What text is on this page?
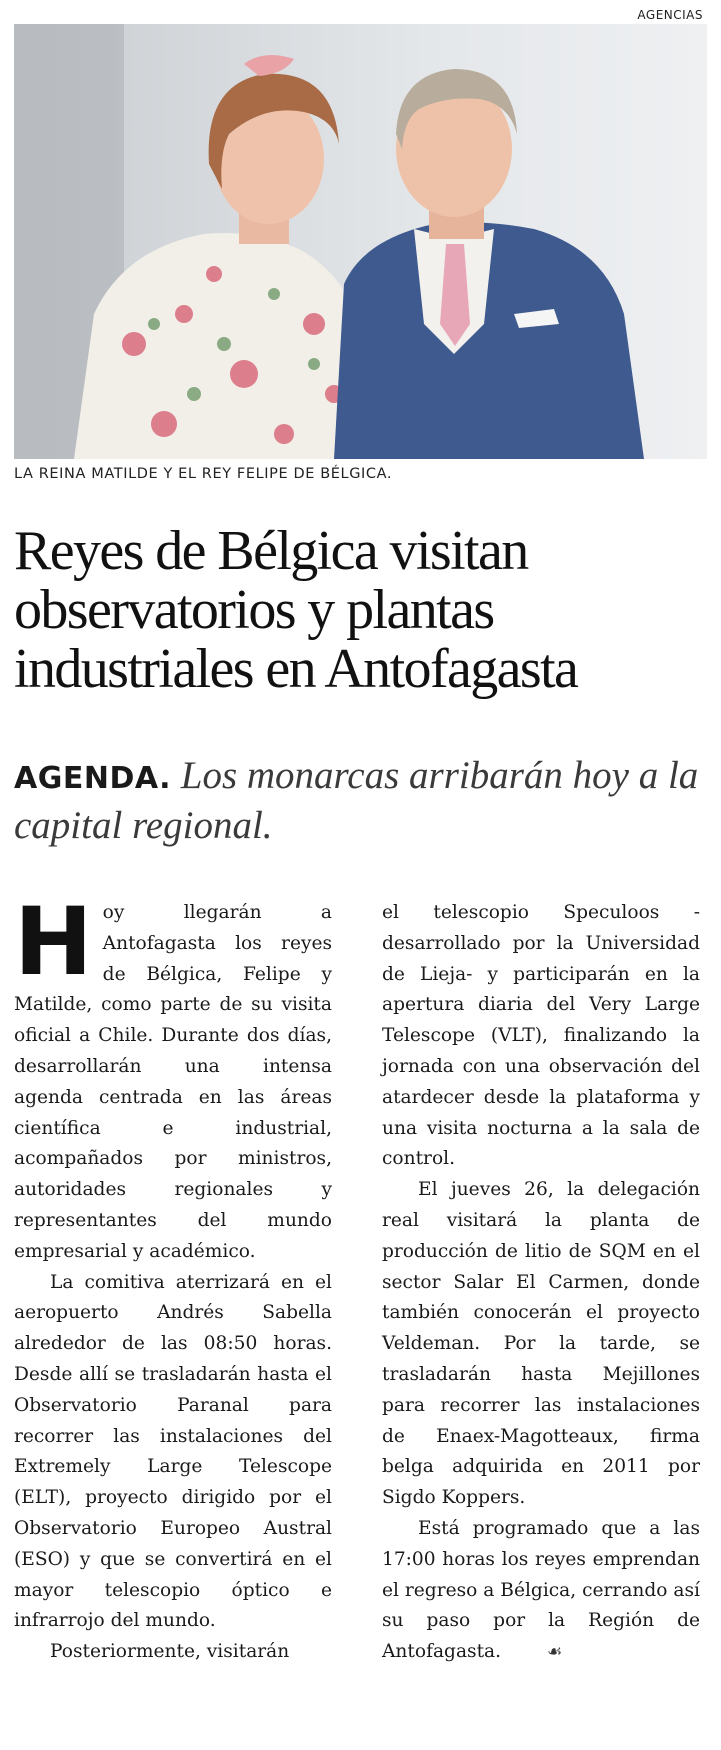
AGENCIAS
LA REINA MATILDE Y EL REY FELIPE DE BÉLGICA.
Reyes de Bélgica visitan observatorios y plantas industriales en Antofagasta
AGENDA. Los monarcas arribarán hoy a la capital regional.

Hoy llegarán a Antofagasta los reyes de Bélgica, Felipe y Matilde, como parte de su visita oficial a Chile. Durante dos días, desarrollarán una intensa agenda centrada en las áreas científica e industrial, acompañados por ministros, autoridades regionales y representantes del mundo empresarial y académico.

La comitiva aterrizará en el aeropuerto Andrés Sabella alrededor de las 08:50 horas. Desde allí se trasladarán hasta el Observatorio Paranal para recorrer las instalaciones del Extremely Large Telescope (ELT), proyecto dirigido por el Observatorio Europeo Austral (ESO) y que se convertirá en el mayor telescopio óptico e infrarrojo del mundo.

Posteriormente, visitarán

el telescopio Speculoos -desarrollado por la Universidad de Lieja- y participarán en la apertura diaria del Very Large Telescope (VLT), finalizando la jornada con una observación del atardecer desde la plataforma y una visita nocturna a la sala de control.

El jueves 26, la delegación real visitará la planta de producción de litio de SQM en el sector Salar El Carmen, donde también conocerán el proyecto Veldeman. Por la tarde, se trasladarán hasta Mejillones para recorrer las instalaciones de Enaex-Magotteaux, firma belga adquirida en 2011 por Sigdo Koppers.

Está programado que a las 17:00 horas los reyes emprendan el regreso a Bélgica, cerrando así su paso por la Región de Antofagasta.	☙
